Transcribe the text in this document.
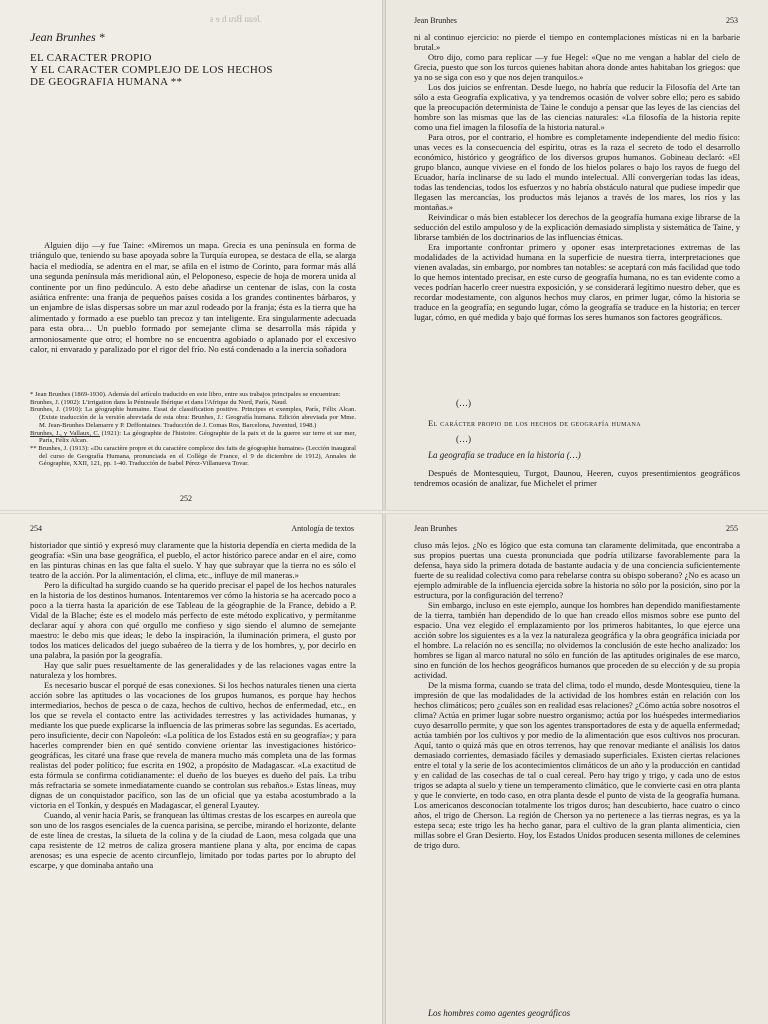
Jean Bru h e s
Jean Brunhes *
EL CARACTER PROPIO
Y EL CARACTER COMPLEJO DE LOS HECHOS
DE GEOGRAFIA HUMANA **

Alguien dijo —y fue Taine: «Miremos un mapa. Grecia es una península en forma de triángulo que, teniendo su base apoyada sobre la Turquía europea, se destaca de ella, se alarga hacia el mediodía, se adentra en el mar, se afila en el istmo de Corinto, para formar más allá una segunda península más meridional aún, el Peloponeso, especie de hoja de morera unida al continente por un fino pedúnculo. A esto debe añadirse un centenar de islas, con la costa asiática enfrente: una franja de pequeños países cosida a los grandes continentes bárbaros, y un enjambre de islas dispersas sobre un mar azul rodeado por la franja; ésta es la tierra que ha alimentado y formado a ese pueblo tan precoz y tan inteligente. Era singularmente adecuada para esta obra… Un pueblo formado por semejante clima se desarrolla más rápida y armoniosamente que otro; el hombre no se encuentra agobiado o aplanado por el excesivo calor, ni envarado y paralizado por el rigor del frío. No está condenado a la inercia soñadora

* Jean Brunhes (1869-1930). Además del artículo traducido en este libro, entre sus trabajos principales se encuentran:

Brunhes, J. (1902): L'irrigation dans la Péninsule Ibérique et dans l'Afrique du Nord, París, Naud.

Brunhes, J. (1910): La géographie humaine. Essai de classification positive. Principes et exemples, París, Félix Alcan. (Existe traducción de la versión abreviada de esta obra: Brunhes, J.: Geografía humana. Edición abreviada por Mme. M. Jean-Brunhes Delamarre y P. Deffontaines. Traducción de J. Comas Ros, Barcelona, Juventud, 1948.)

Brunhes, J., y Vallaux, C. (1921): La géographie de l'histoire. Géographie de la paix et de la guerre sur terre et sur mer, París, Félix Alcan.

** Brunhes, J. (1913): «Du caractère propre et du caractère complexe des faits de géographie humaine» (Lección inaugural del curso de Geografía Humana, pronunciada en el Collège de France, el 9 de diciembre de 1912), Annales de Géographie, XXII, 121, pp. 1-40. Traducción de Isabel Pérez-Villanueva Tovar.

252
Jean Brunhes	253

ni al continuo ejercicio: no pierde el tiempo en contemplaciones místicas ni en la barbarie brutal.»

Otro dijo, como para replicar —y fue Hegel: «Que no me vengan a hablar del cielo de Grecia, puesto que son los turcos quienes habitan ahora donde antes habitaban los griegos: que ya no se siga con eso y que nos dejen tranquilos.»

Los dos juicios se enfrentan. Desde luego, no habría que reducir la Filosofía del Arte tan sólo a esta Geografía explicativa, y ya tendremos ocasión de volver sobre ello; pero es sabido que la preocupación determinista de Taine le condujo a pensar que las leyes de las ciencias del hombre son las mismas que las de las ciencias naturales: «La filosofía de la historia repite como una fiel imagen la filosofía de la historia natural.»

Para otros, por el contrario, el hombre es completamente independiente del medio físico: unas veces es la consecuencia del espíritu, otras es la raza el secreto de todo el desarrollo económico, histórico y geográfico de los diversos grupos humanos. Gobineau declaró: «El grupo blanco, aunque viviese en el fondo de los hielos polares o bajo los rayos de fuego del Ecuador, haría inclinarse de su lado el mundo intelectual. Allí convergerían todas las ideas, todas las tendencias, todos los esfuerzos y no habría obstáculo natural que pudiese impedir que llegasen las mercancías, los productos más lejanos a través de los mares, los ríos y las montañas.»

Reivindicar o más bien establecer los derechos de la geografía humana exige librarse de la seducción del estilo ampuloso y de la explicación demasiado simplista y sistemática de Taine, y librarse también de los doctrinarios de las influencias étnicas.

Era importante confrontar primero y oponer esas interpretaciones extremas de las modalidades de la actividad humana en la superficie de nuestra tierra, interpretaciones que vienen avaladas, sin embargo, por nombres tan notables: se aceptará con más facilidad que todo lo que hemos intentado precisar, en este curso de geografía humana, no es tan evidente como a veces podrían hacerlo creer nuestra exposición, y se considerará legítimo nuestro deber, que es recordar modestamente, con algunos hechos muy claros, en primer lugar, cómo la historia se traduce en la geografía; en segundo lugar, cómo la geografía se traduce en la historia; en tercer lugar, cómo, en qué medida y bajo qué formas los seres humanos son factores geográficos.

(…)
El carácter propio de los hechos de geografía humana
(…)
La geografía se traduce en la historia (…)

Después de Montesquieu, Turgot, Daunou, Heeren, cuyos presentimientos geográficos tendremos ocasión de analizar, fue Michelet el primer

254	Antología de textos

historiador que sintió y expresó muy claramente que la historia dependía en cierta medida de la geografía: «Sin una base geográfica, el pueblo, el actor histórico parece andar en el aire, como en las pinturas chinas en las que falta el suelo. Y hay que subrayar que la tierra no es sólo el teatro de la acción. Por la alimentación, el clima, etc., influye de mil maneras.»

Pero la dificultad ha surgido cuando se ha querido precisar el papel de los hechos naturales en la historia de los destinos humanos. Intentaremos ver cómo la historia se ha acercado poco a poco a la tierra hasta la aparición de ese Tableau de la géographie de la France, debido a P. Vidal de la Blache; éste es el modelo más perfecto de este método explicativo, y permítanme declarar aquí y ahora con qué orgullo me confieso y sigo siendo el alumno de semejante maestro: le debo mis que ideas; le debo la inspiración, la iluminación primera, el gusto por todos los matices delicados del juego subaéreo de la tierra y de los hombres, y, por decirlo en una palabra, la pasión por la geografía.

Hay que salir pues resueltamente de las generalidades y de las relaciones vagas entre la naturaleza y los hombres.

Es necesario buscar el porqué de esas conexiones. Si los hechos naturales tienen una cierta acción sobre las aptitudes o las vocaciones de los grupos humanos, es porque hay hechos intermediarios, hechos de pesca o de caza, hechos de cultivo, hechos de enfermedad, etc., en los que se revela el contacto entre las actividades terrestres y las actividades humanas, y mediante los que puede explicarse la influencia de las primeras sobre las segundas. Es acertado, pero insuficiente, decir con Napoleón: «La política de los Estados está en su geografía»; y para hacerles comprender bien en qué sentido conviene orientar las investigaciones histórico-geográficas, les citaré una frase que revela de manera mucho más completa una de las formas realistas del poder político; fue escrita en 1902, a propósito de Madagascar. «La exactitud de esta fórmula se confirma cotidianamente: el dueño de los bueyes es dueño del país. La tribu más refractaria se somete inmediatamente cuando se controlan sus rebaños.» Estas líneas, muy dignas de un conquistador pacífico, son las de un oficial que ya estaba acostumbrado a la victoria en el Tonkín, y después en Madagascar, el general Lyautey.

Cuando, al venir hacia París, se franquean las últimas crestas de los escarpes en aureola que son uno de los rasgos esenciales de la cuenca parisina, se percibe, mirando el horizonte, delante de este línea de crestas, la silueta de la colina y de la ciudad de Laon, mesa colgada que una capa resistente de 12 metros de caliza grosera mantiene plana y alta, por encima de capas arenosas; es una especie de acento circunflejo, limitado por todas partes por lo abrupto del escarpe, y que dominaba antaño una

Jean Brunhes	255

cluso más lejos. ¿No es lógico que esta comuna tan claramente delimitada, que encontraba a sus propios puertas una cuesta pronunciada que podría utilizarse favorablemente para la defensa, haya sido la primera dotada de bastante audacia y de una conciencia suficientemente fuerte de su realidad colectiva como para rebelarse contra su obispo soberano? ¿No es acaso un ejemplo admirable de la influencia ejercida sobre la historia no sólo por la posición, sino por la estructura, por la configuración del terreno?

Sin embargo, incluso en este ejemplo, aunque los hombres han dependido manifiestamente de la tierra, también han dependido de lo que han creado ellos mismos sobre ese punto del espacio. Una vez elegido el emplazamiento por los primeros habitantes, lo que ejerce una acción sobre los siguientes es a la vez la naturaleza geográfica y la obra geográfica iniciada por el hombre. La relación no es sencilla; no olvidemos la conclusión de este hecho analizado: los hombres se ligan al marco natural no sólo en función de las aptitudes originales de ese marco, sino en función de los hechos geográficos humanos que proceden de su elección y de su propia actividad.

De la misma forma, cuando se trata del clima, todo el mundo, desde Montesquieu, tiene la impresión de que las modalidades de la actividad de los hombres están en relación con los hechos climáticos; pero ¿cuáles son en realidad esas relaciones? ¿Cómo actúa sobre nosotros el clima? Actúa en primer lugar sobre nuestro organismo; actúa por los huéspedes intermediarios cuyo desarrollo permite, y que son los agentes transportadores de esta y de aquella enfermedad; actúa también por los cultivos y por medio de la alimentación que esos cultivos nos procuran. Aquí, tanto o quizá más que en otros terrenos, hay que renovar mediante el análisis los datos demasiado corrientes, demasiado fáciles y demasiado superficiales. Existen ciertas relaciones entre el total y la serie de los acontecimientos climáticos de un año y la producción en cantidad y en calidad de las cosechas de tal o cual cereal. Pero hay trigo y trigo, y cada uno de estos trigos se adapta al suelo y tiene un temperamento climático, que le convierte casi en otra planta y que le convierte, en todo caso, en otra planta desde el punto de vista de la geografía humana. Los americanos desconocían totalmente los trigos duros; han descubierto, hace cuatro o cinco años, el trigo de Cherson. La región de Cherson ya no pertenece a las tierras negras, es ya la estepa seca; este trigo les ha hecho ganar, para el cultivo de la gran planta alimenticia, cien millas sobre el Gran Desierto. Hoy, los Estados Unidos producen sesenta millones de celemines de trigo duro.

Los hombres como agentes geográficos
